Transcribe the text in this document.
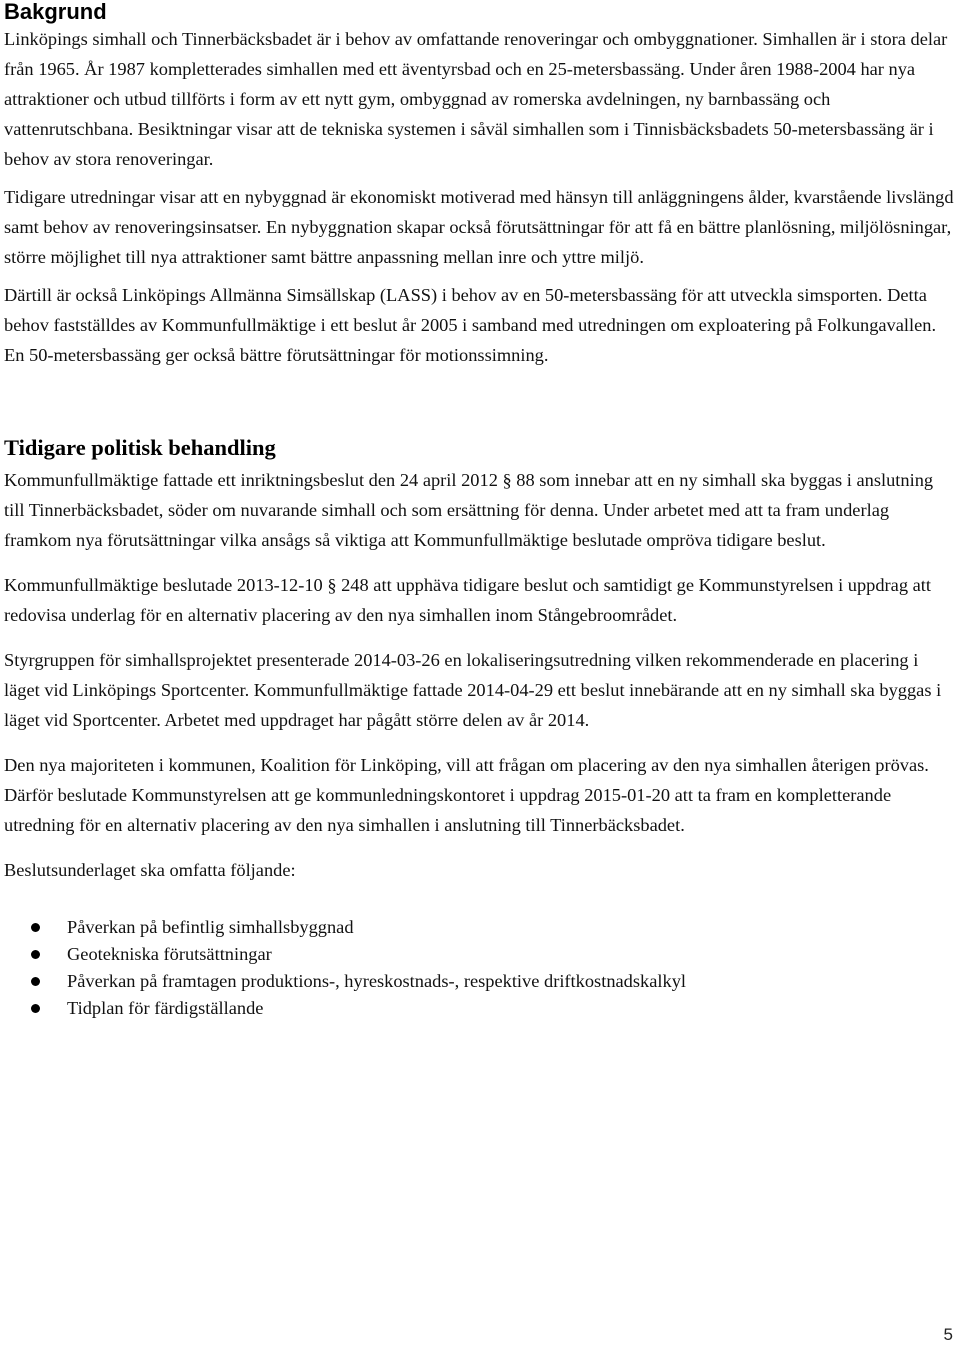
Bakgrund

Linköpings simhall och Tinnerbäcksbadet är i behov av omfattande renoveringar och ombyggnationer. Simhallen är i stora delar från 1965. År 1987 kompletterades simhallen med ett äventyrsbad och en 25-metersbassäng. Under åren 1988-2004 har nya attraktioner och utbud tillförts i form av ett nytt gym, ombyggnad av romerska avdelningen, ny barnbassäng och vattenrutschbana. Besiktningar visar att de tekniska systemen i såväl simhallen som i Tinnisbäcksbadets 50-metersbassäng är i behov av stora renoveringar.

Tidigare utredningar visar att en nybyggnad är ekonomiskt motiverad med hänsyn till anläggningens ålder, kvarstående livslängd samt behov av renoveringsinsatser. En nybyggnation skapar också förutsättningar för att få en bättre planlösning, miljölösningar, större möjlighet till nya attraktioner samt bättre anpassning mellan inre och yttre miljö.

Därtill är också Linköpings Allmänna Simsällskap (LASS) i behov av en 50-metersbassäng för att utveckla simsporten. Detta behov fastställdes av Kommunfullmäktige i ett beslut år 2005 i samband med utredningen om exploatering på Folkungavallen. En 50-metersbassäng ger också bättre förutsättningar för motionssimning.

Tidigare politisk behandling

Kommunfullmäktige fattade ett inriktningsbeslut den 24 april 2012 § 88 som innebar att en ny simhall ska byggas i anslutning till Tinnerbäcksbadet, söder om nuvarande simhall och som ersättning för denna. Under arbetet med att ta fram underlag framkom nya förutsättningar vilka ansågs så viktiga att Kommunfullmäktige beslutade ompröva tidigare beslut.

Kommunfullmäktige beslutade 2013-12-10 § 248 att upphäva tidigare beslut och samtidigt ge Kommunstyrelsen i uppdrag att redovisa underlag för en alternativ placering av den nya simhallen inom Stångebroområdet.

Styrgruppen för simhallsprojektet presenterade 2014-03-26 en lokaliseringsutredning vilken rekommenderade en placering i läget vid Linköpings Sportcenter. Kommunfullmäktige fattade 2014-04-29 ett beslut innebärande att en ny simhall ska byggas i läget vid Sportcenter. Arbetet med uppdraget har pågått större delen av år 2014.

Den nya majoriteten i kommunen, Koalition för Linköping, vill att frågan om placering av den nya simhallen återigen prövas. Därför beslutade Kommunstyrelsen att ge kommunledningskontoret i uppdrag 2015-01-20 att ta fram en kompletterande utredning för en alternativ placering av den nya simhallen i anslutning till Tinnerbäcksbadet.

Beslutsunderlaget ska omfatta följande:

Påverkan på befintlig simhallsbyggnad
Geotekniska förutsättningar
Påverkan på framtagen produktions-, hyreskostnads-, respektive driftkostnadskalkyl
Tidplan för färdigställande
5
